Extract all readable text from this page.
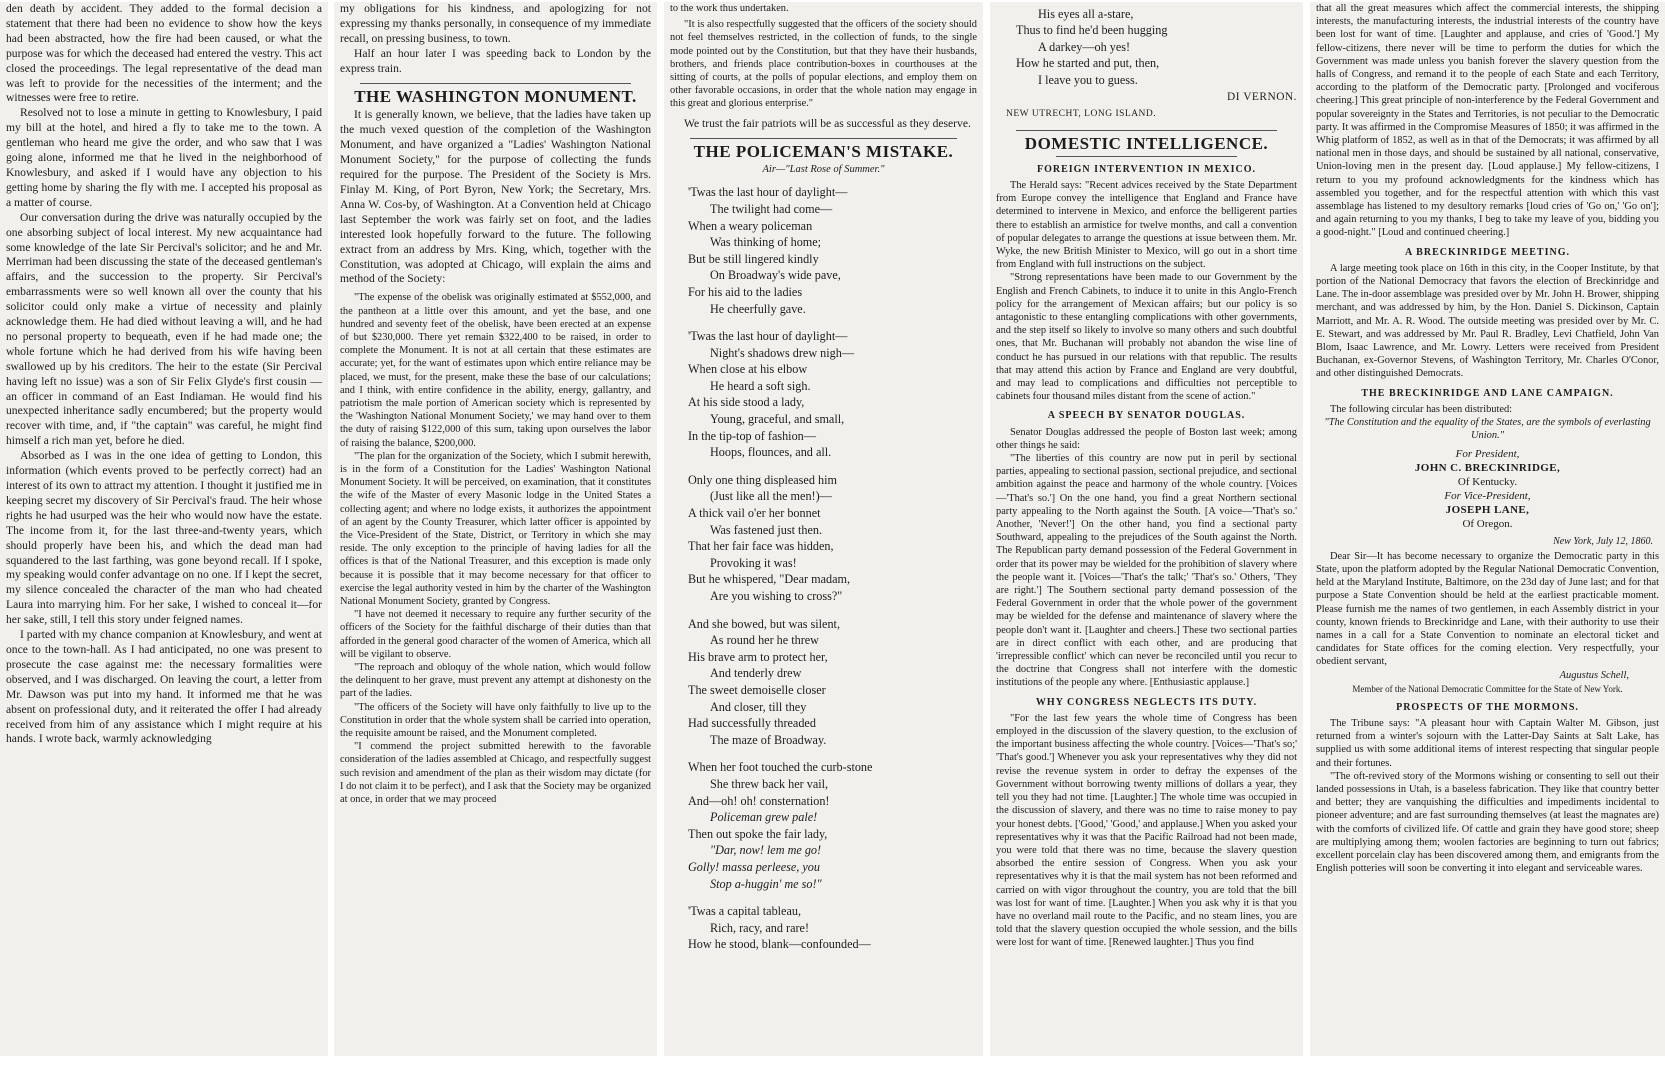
den death by accident. They added to the formal decision a statement that there had been no evidence to show how the keys had been abstracted, how the fire had been caused, or what the purpose was for which the deceased had entered the vestry. This act closed the proceedings. The legal representative of the dead man was left to provide for the necessities of the interment; and the witnesses were free to retire.

Resolved not to lose a minute in getting to Knowlesbury, I paid my bill at the hotel, and hired a fly to take me to the town. A gentleman who heard me give the order, and who saw that I was going alone, informed me that he lived in the neighborhood of Knowlesbury, and asked if I would have any objection to his getting home by sharing the fly with me. I accepted his proposal as a matter of course.

Our conversation during the drive was naturally occupied by the one absorbing subject of local interest. My new acquaintance had some knowledge of the late Sir Percival's solicitor; and he and Mr. Merriman had been discussing the state of the deceased gentleman's affairs, and the succession to the property. Sir Percival's embarrassments were so well known all over the county that his solicitor could only make a virtue of necessity and plainly acknowledge them. He had died without leaving a will, and he had no personal property to bequeath, even if he had made one; the whole fortune which he had derived from his wife having been swallowed up by his creditors. The heir to the estate (Sir Percival having left no issue) was a son of Sir Felix Glyde's first cousin —an officer in command of an East Indiaman. He would find his unexpected inheritance sadly encumbered; but the property would recover with time, and, if "the captain" was careful, he might find himself a rich man yet, before he died.

Absorbed as I was in the one idea of getting to London, this information (which events proved to be perfectly correct) had an interest of its own to attract my attention. I thought it justified me in keeping secret my discovery of Sir Percival's fraud. The heir whose rights he had usurped was the heir who would now have the estate. The income from it, for the last three-and-twenty years, which should properly have been his, and which the dead man had squandered to the last farthing, was gone beyond recall. If I spoke, my speaking would confer advantage on no one. If I kept the secret, my silence concealed the character of the man who had cheated Laura into marrying him. For her sake, I wished to conceal it—for her sake, still, I tell this story under feigned names.

I parted with my chance companion at Knowlesbury, and went at once to the town-hall. As I had anticipated, no one was present to prosecute the case against me: the necessary formalities were observed, and I was discharged. On leaving the court, a letter from Mr. Dawson was put into my hand. It informed me that he was absent on professional duty, and it reiterated the offer I had already received from him of any assistance which I might require at his hands. I wrote back, warmly acknowledging

my obligations for his kindness, and apologizing for not expressing my thanks personally, in consequence of my immediate recall, on pressing business, to town.

Half an hour later I was speeding back to London by the express train.

THE WASHINGTON MONUMENT.

It is generally known, we believe, that the ladies have taken up the much vexed question of the completion of the Washington Monument, and have organized a "Ladies' Washington National Monument Society," for the purpose of collecting the funds required for the purpose. The President of the Society is Mrs. Finlay M. King, of Port Byron, New York; the Secretary, Mrs. Anna W. Cos-by, of Washington. At a Convention held at Chicago last September the work was fairly set on foot, and the ladies interested look hopefully forward to the future. The following extract from an address by Mrs. King, which, together with the Constitution, was adopted at Chicago, will explain the aims and method of the Society:

"The expense of the obelisk was originally estimated at $552,000, and the pantheon at a little over this amount, and yet the base, and one hundred and seventy feet of the obelisk, have been erected at an expense of but $230,000. There yet remain $322,400 to be raised, in order to complete the Monument. It is not at all certain that these estimates are accurate; yet, for the want of estimates upon which entire reliance may be placed, we must, for the present, make these the base of our calculations; and I think, with entire confidence in the ability, energy, gallantry, and patriotism the male portion of American society which is represented by the 'Washington National Monument Society,' we may hand over to them the duty of raising $122,000 of this sum, taking upon ourselves the labor of raising the balance, $200,000.

"The plan for the organization of the Society, which I submit herewith, is in the form of a Constitution for the Ladies' Washington National Monument Society. It will be perceived, on examination, that it constitutes the wife of the Master of every Masonic lodge in the United States a collecting agent; and where no lodge exists, it authorizes the appointment of an agent by the County Treasurer, which latter officer is appointed by the Vice-President of the State, District, or Territory in which she may reside. The only exception to the principle of having ladies for all the offices is that of the National Treasurer, and this exception is made only because it is possible that it may become necessary for that officer to exercise the legal authority vested in him by the charter of the Washington National Monument Society, granted by Congress.

"I have not deemed it necessary to require any further security of the officers of the Society for the faithful discharge of their duties than that afforded in the general good character of the women of America, which all will be vigilant to observe.

"The reproach and obloquy of the whole nation, which would follow the delinquent to her grave, must prevent any attempt at dishonesty on the part of the ladies.

"The officers of the Society will have only faithfully to live up to the Constitution in order that the whole system shall be carried into operation, the requisite amount be raised, and the Monument completed.

"I commend the project submitted herewith to the favorable consideration of the ladies assembled at Chicago, and respectfully suggest such revision and amendment of the plan as their wisdom may dictate (for I do not claim it to be perfect), and I ask that the Society may be organized at once, in order that we may proceed

to the work thus undertaken.

"It is also respectfully suggested that the officers of the society should not feel themselves restricted, in the collection of funds, to the single mode pointed out by the Constitution, but that they have their husbands, brothers, and friends place contribution-boxes in courthouses at the sitting of courts, at the polls of popular elections, and employ them on other favorable occasions, in order that the whole nation may engage in this great and glorious enterprise."

We trust the fair patriots will be as successful as they deserve.

THE POLICEMAN'S MISTAKE.
Air—"Last Rose of Summer."
'Twas the last hour of daylight—
The twilight had come—
When a weary policeman
Was thinking of home;
But be still lingered kindly
On Broadway's wide pave,
For his aid to the ladies
He cheerfully gave.
'Twas the last hour of daylight—
Night's shadows drew nigh—
When close at his elbow
He heard a soft sigh.
At his side stood a lady,
Young, graceful, and small,
In the tip-top of fashion—
Hoops, flounces, and all.
Only one thing displeased him
(Just like all the men!)—
A thick vail o'er her bonnet
Was fastened just then.
That her fair face was hidden,
Provoking it was!
But he whispered, "Dear madam,
Are you wishing to cross?"
And she bowed, but was silent,
As round her he threw
His brave arm to protect her,
And tenderly drew
The sweet demoiselle closer
And closer, till they
Had successfully threaded
The maze of Broadway.
When her foot touched the curb-stone
She threw back her vail,
And—oh! oh! consternation!
Policeman grew pale!
Then out spoke the fair lady,
"Dar, now! lem me go!
Golly! massa perleese, you
Stop a-huggin' me so!"
'Twas a capital tableau,
Rich, racy, and rare!
How he stood, blank—confounded—
His eyes all a-stare,
Thus to find he'd been hugging
A darkey—oh yes!
How he started and put, then,
I leave you to guess.
DI VERNON.
NEW UTRECHT, LONG ISLAND.
DOMESTIC INTELLIGENCE.
FOREIGN INTERVENTION IN MEXICO.

The Herald says: "Recent advices received by the State Department from Europe convey the intelligence that England and France have determined to intervene in Mexico, and enforce the belligerent parties there to establish an armistice for twelve months, and call a convention of popular delegates to arrange the questions at issue between them. Mr. Wyke, the new British Minister to Mexico, will go out in a short time from England with full instructions on the subject.

"Strong representations have been made to our Government by the English and French Cabinets, to induce it to unite in this Anglo-French policy for the arrangement of Mexican affairs; but our policy is so antagonistic to these entangling complications with other governments, and the step itself so likely to involve so many others and such doubtful ones, that Mr. Buchanan will probably not abandon the wise line of conduct he has pursued in our relations with that republic. The results that may attend this action by France and England are very doubtful, and may lead to complications and difficulties not perceptible to cabinets four thousand miles distant from the scene of action."

A SPEECH BY SENATOR DOUGLAS.

Senator Douglas addressed the people of Boston last week; among other things he said:

"The liberties of this country are now put in peril by sectional parties, appealing to sectional passion, sectional prejudice, and sectional ambition against the peace and harmony of the whole country. [Voices—'That's so.'] On the one hand, you find a great Northern sectional party appealing to the North against the South. [A voice—'That's so.' Another, 'Never!'] On the other hand, you find a sectional party Southward, appealing to the prejudices of the South against the North. The Republican party demand possession of the Federal Government in order that its power may be wielded for the prohibition of slavery where the people want it. [Voices—'That's the talk;' 'That's so.' Others, 'They are right.'] The Southern sectional party demand possession of the Federal Government in order that the whole power of the government may be wielded for the defense and maintenance of slavery where the people don't want it. [Laughter and cheers.] These two sectional parties are in direct conflict with each other, and are producing that 'irrepressible conflict' which can never be reconciled until you recur to the doctrine that Congress shall not interfere with the domestic institutions of the people any where. [Enthusiastic applause.]

WHY CONGRESS NEGLECTS ITS DUTY.

"For the last few years the whole time of Congress has been employed in the discussion of the slavery question, to the exclusion of the important business affecting the whole country. [Voices—'That's so;' 'That's good.'] Whenever you ask your representatives why they did not revise the revenue system in order to defray the expenses of the Government without borrowing twenty millions of dollars a year, they tell you they had not time. [Laughter.] The whole time was occupied in the discussion of slavery, and there was no time to raise money to pay your honest debts. ['Good,' 'Good,' and applause.] When you asked your representatives why it was that the Pacific Railroad had not been made, you were told that there was no time, because the slavery question absorbed the entire session of Congress. When you ask your representatives why it is that the mail system has not been reformed and carried on with vigor throughout the country, you are told that the bill was lost for want of time. [Laughter.] When you ask why it is that you have no overland mail route to the Pacific, and no steam lines, you are told that the slavery question occupied the whole session, and the bills were lost for want of time. [Renewed laughter.] Thus you find

that all the great measures which affect the commercial interests, the shipping interests, the manufacturing interests, the industrial interests of the country have been lost for want of time. [Laughter and applause, and cries of 'Good.'] My fellow-citizens, there never will be time to perform the duties for which the Government was made unless you banish forever the slavery question from the halls of Congress, and remand it to the people of each State and each Territory, according to the platform of the Democratic party. [Prolonged and vociferous cheering.] This great principle of non-interference by the Federal Government and popular sovereignty in the States and Territories, is not peculiar to the Democratic party. It was affirmed in the Compromise Measures of 1850; it was affirmed in the Whig platform of 1852, as well as in that of the Democrats; it was affirmed by all national men in those days, and should be sustained by all national, conservative, Union-loving men in the present day. [Loud applause.] My fellow-citizens, I return to you my profound acknowledgments for the kindness which has assembled you together, and for the respectful attention with which this vast assemblage has listened to my desultory remarks [loud cries of 'Go on,' 'Go on']; and again returning to you my thanks, I beg to take my leave of you, bidding you a good-night." [Loud and continued cheering.]

A BRECKINRIDGE MEETING.

A large meeting took place on 16th in this city, in the Cooper Institute, by that portion of the National Democracy that favors the election of Breckinridge and Lane. The in-door assemblage was presided over by Mr. John H. Brower, shipping merchant, and was addressed by him, by the Hon. Daniel S. Dickinson, Captain Marriott, and Mr. A. R. Wood. The outside meeting was presided over by Mr. C. E. Stewart, and was addressed by Mr. Paul R. Bradley, Levi Chatfield, John Van Blom, Isaac Lawrence, and Mr. Lowry. Letters were received from President Buchanan, ex-Governor Stevens, of Washington Territory, Mr. Charles O'Conor, and other distinguished Democrats.

THE BRECKINRIDGE AND LANE CAMPAIGN.

The following circular has been distributed:

"The Constitution and the equality of the States, are the symbols of everlasting Union."

For President,
JOHN C. BRECKINRIDGE,
Of Kentucky.
For Vice-President,
JOSEPH LANE,
Of Oregon.
New York, July 12, 1860.

Dear Sir—It has become necessary to organize the Democratic party in this State, upon the platform adopted by the Regular National Democratic Convention, held at the Maryland Institute, Baltimore, on the 23d day of June last; and for that purpose a State Convention should be held at the earliest practicable moment. Please furnish me the names of two gentlemen, in each Assembly district in your county, known friends to Breckinridge and Lane, with their authority to use their names in a call for a State Convention to nominate an electoral ticket and candidates for State offices for the coming election. Very respectfully, your obedient servant,

Augustus Schell,
Member of the National Democratic Committee for the State of New York.
PROSPECTS OF THE MORMONS.

The Tribune says: "A pleasant hour with Captain Walter M. Gibson, just returned from a winter's sojourn with the Latter-Day Saints at Salt Lake, has supplied us with some additional items of interest respecting that singular people and their fortunes.

"The oft-revived story of the Mormons wishing or consenting to sell out their landed possessions in Utah, is a baseless fabrication. They like that country better and better; they are vanquishing the difficulties and impediments incidental to pioneer adventure; and are fast surrounding themselves (at least the magnates are) with the comforts of civilized life. Of cattle and grain they have good store; sheep are multiplying among them; woolen factories are beginning to turn out fabrics; excellent porcelain clay has been discovered among them, and emigrants from the English potteries will soon be converting it into elegant and serviceable wares.
